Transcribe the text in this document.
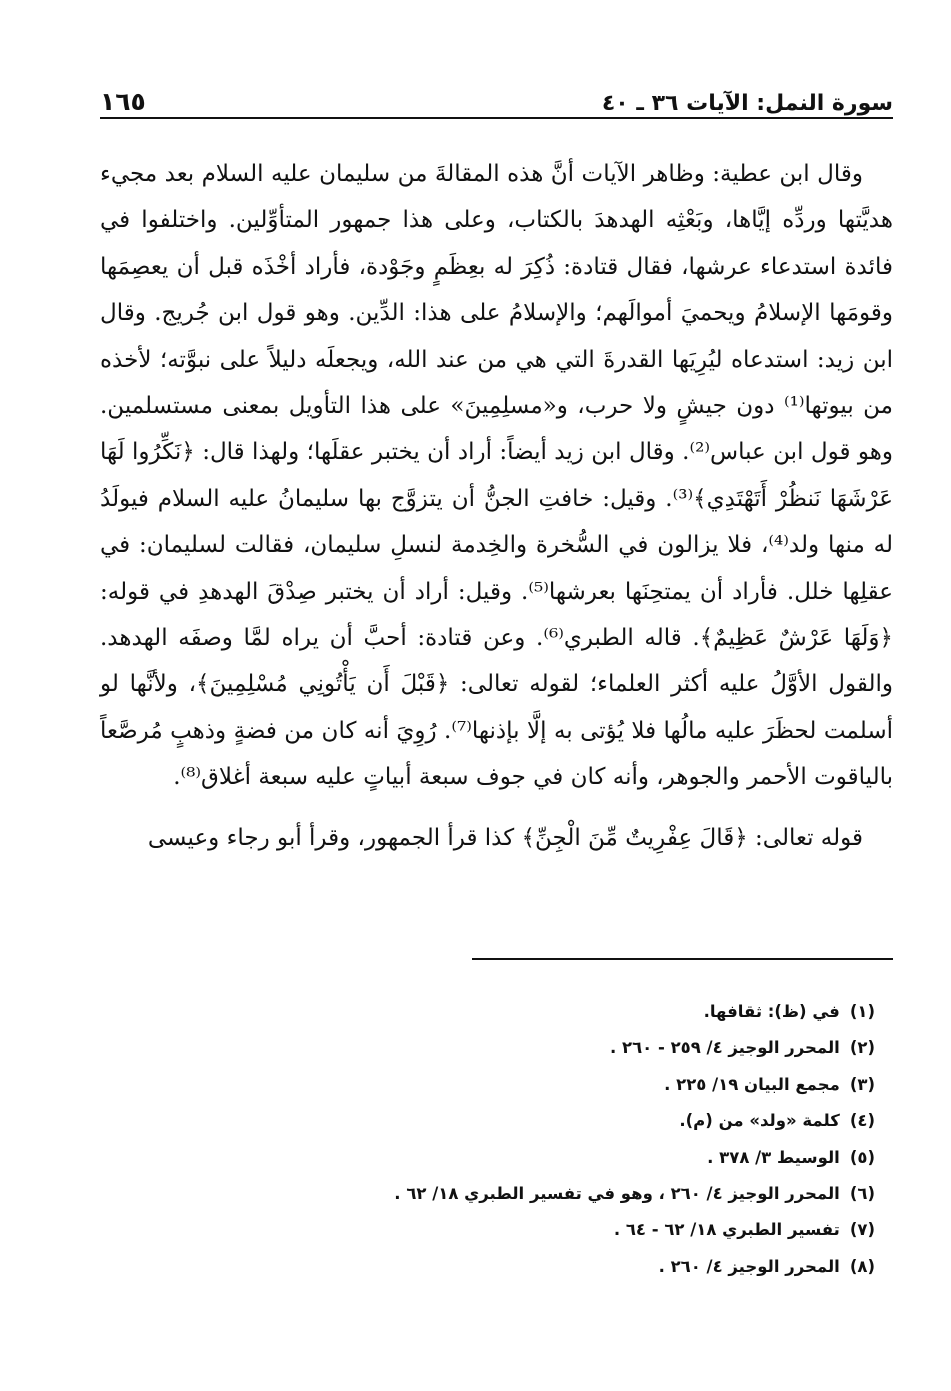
سورة النمل: الآيات ٣٦ ـ ٤٠
١٦٥

وقال ابن عطية: وظاهر الآيات أنَّ هذه المقالةَ من سليمان عليه السلام بعد مجيء هديَّتها وردِّه إيَّاها، وبَعْثِه الهدهدَ بالكتاب، وعلى هذا جمهور المتأوِّلين. واختلفوا في فائدة استدعاء عرشها، فقال قتادة: ذُكِرَ له بعِظَمٍ وجَوْدة، فأراد أخْذَه قبل أن يعصِمَها وقومَها الإسلامُ ويحميَ أموالَهم؛ والإسلامُ على هذا: الدِّين. وهو قول ابن جُريج. وقال ابن زيد: استدعاه ليُرِيَها القدرةَ التي هي من عند الله، ويجعلَه دليلاً على نبوَّته؛ لأخذه من بيوتها⁽¹⁾ دون جيشٍ ولا حرب، و«مسلِمِينَ» على هذا التأويل بمعنى مستسلمين. وهو قول ابن عباس⁽²⁾. وقال ابن زيد أيضاً: أراد أن يختبر عقلَها؛ ولهذا قال: ﴿نَكِّرُوا لَهَا عَرْشَهَا نَنظُرْ أَتَهْتَدِي﴾⁽³⁾. وقيل: خافتِ الجنُّ أن يتزوَّج بها سليمانُ عليه السلام فيولَدُ له منها ولد⁽⁴⁾، فلا يزالون في السُّخرة والخِدمة لنسلِ سليمان، فقالت لسليمان: في عقلِها خلل. فأراد أن يمتحِنَها بعرشها⁽⁵⁾. وقيل: أراد أن يختبر صِدْقَ الهدهدِ في قوله: ﴿وَلَهَا عَرْشٌ عَظِيمٌ﴾. قاله الطبري⁽⁶⁾. وعن قتادة: أحبَّ أن يراه لمَّا وصفَه الهدهد. والقول الأوَّلُ عليه أكثر العلماء؛ لقوله تعالى: ﴿قَبْلَ أَن يَأْتُونِي مُسْلِمِينَ﴾، ولأنَّها لو أسلمت لحظَرَ عليه مالُها فلا يُؤتى به إلَّا بإذنها⁽⁷⁾. رُوِيَ أنه كان من فضةٍ وذهبٍ مُرصَّعاً بالياقوت الأحمر والجوهر، وأنه كان في جوف سبعة أبياتٍ عليه سبعة أغلاق⁽⁸⁾.

قوله تعالى: ﴿قَالَ عِفْرِيتٌ مِّنَ الْجِنِّ﴾ كذا قرأ الجمهور، وقرأ أبو رجاء وعيسى

(١)
في (ظ): ثقافها.
(٢)
المحرر الوجيز ٤/ ٢٥٩ - ٢٦٠ .
(٣)
مجمع البيان ١٩/ ٢٢٥ .
(٤)
كلمة «ولد» من (م).
(٥)
الوسيط ٣/ ٣٧٨ .
(٦)
المحرر الوجيز ٤/ ٢٦٠ ، وهو في تفسير الطبري ١٨/ ٦٢ .
(٧)
تفسير الطبري ١٨/ ٦٢ - ٦٤ .
(٨)
المحرر الوجيز ٤/ ٢٦٠ .
